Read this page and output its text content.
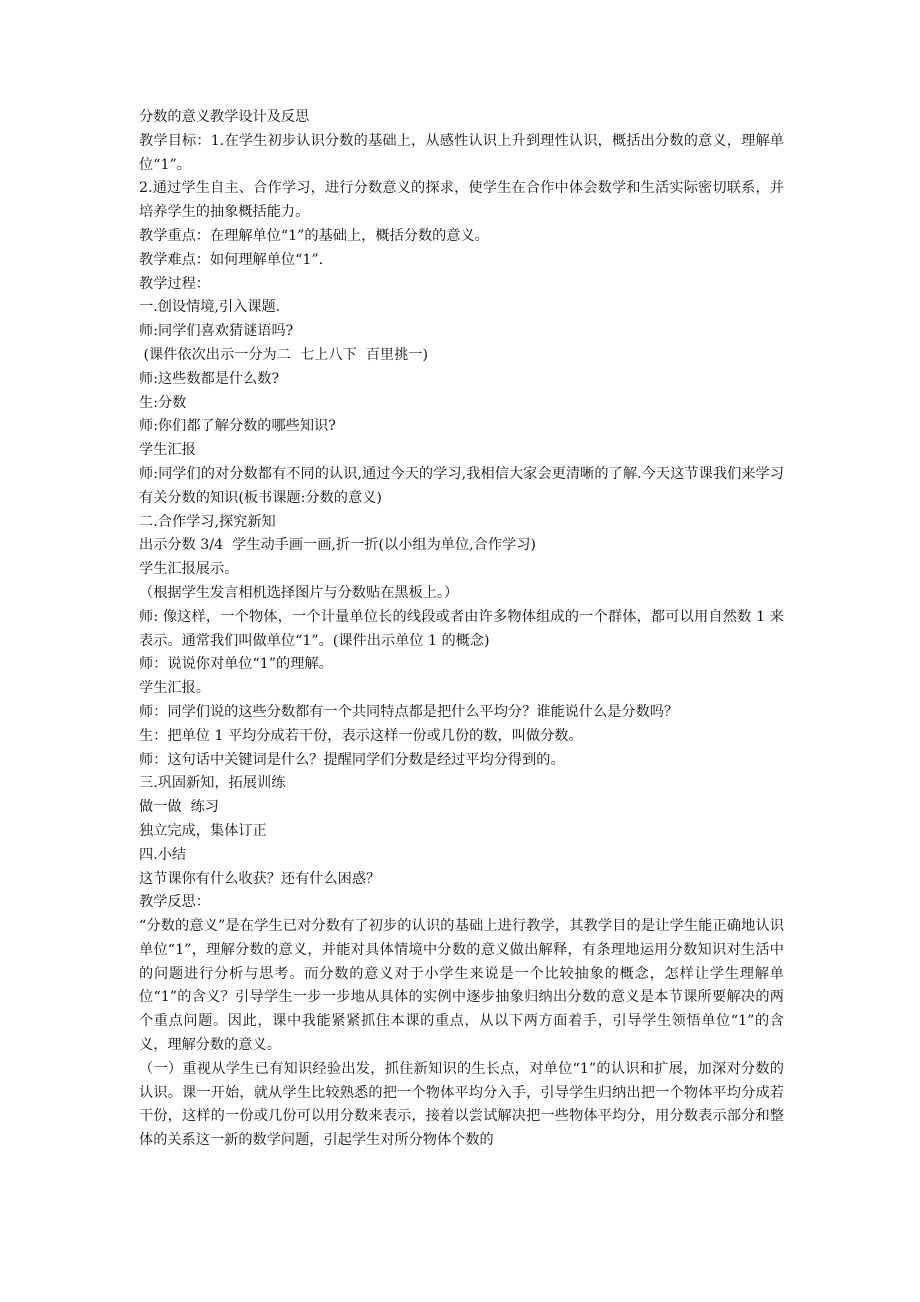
分数的意义教学设计及反思
教学目标：1.在学生初步认识分数的基础上，从感性认识上升到理性认识，概括出分数的意义，理解单位“1”。
2.通过学生自主、合作学习，进行分数意义的探求，使学生在合作中体会数学和生活实际密切联系，并培养学生的抽象概括能力。
教学重点：在理解单位“1”的基础上，概括分数的意义。
教学难点：如何理解单位“1”.
教学过程：
一.创设情境,引入课题.
师:同学们喜欢猜谜语吗?
(课件依次出示一分为二  七上八下  百里挑一)
师:这些数都是什么数?
生:分数
师:你们都了解分数的哪些知识?
学生汇报
师:同学们的对分数都有不同的认识,通过今天的学习,我相信大家会更清晰的了解.今天这节课我们来学习有关分数的知识(板书课题:分数的意义)
二.合作学习,探究新知
出示分数 3/4  学生动手画一画,折一折(以小组为单位,合作学习)
学生汇报展示。
（根据学生发言相机选择图片与分数贴在黑板上。）
师: 像这样，一个物体，一个计量单位长的线段或者由许多物体组成的一个群体，都可以用自然数 1 来表示。通常我们叫做单位“1”。(课件出示单位 1 的概念)
师：说说你对单位“1”的理解。
学生汇报。
师：同学们说的这些分数都有一个共同特点都是把什么平均分？谁能说什么是分数吗？
生：把单位 1 平均分成若干份，表示这样一份或几份的数，叫做分数。
师：这句话中关键词是什么？提醒同学们分数是经过平均分得到的。
三.巩固新知，拓展训练
做一做  练习
独立完成，集体订正
四.小结
这节课你有什么收获？还有什么困惑？
教学反思：
“分数的意义”是在学生已对分数有了初步的认识的基础上进行教学，其教学目的是让学生能正确地认识单位“1”，理解分数的意义，并能对具体情境中分数的意义做出解释，有条理地运用分数知识对生活中的问题进行分析与思考。而分数的意义对于小学生来说是一个比较抽象的概念，怎样让学生理解单位“1”的含义？引导学生一步一步地从具体的实例中逐步抽象归纳出分数的意义是本节课所要解决的两个重点问题。因此，课中我能紧紧抓住本课的重点，从以下两方面着手，引导学生领悟单位“1”的含义，理解分数的意义。
（一）重视从学生已有知识经验出发，抓住新知识的生长点，对单位“1”的认识和扩展，加深对分数的认识。课一开始，就从学生比较熟悉的把一个物体平均分入手，引导学生归纳出把一个物体平均分成若干份，这样的一份或几份可以用分数来表示，接着以尝试解决把一些物体平均分，用分数表示部分和整体的关系这一新的数学问题，引起学生对所分物体个数的
